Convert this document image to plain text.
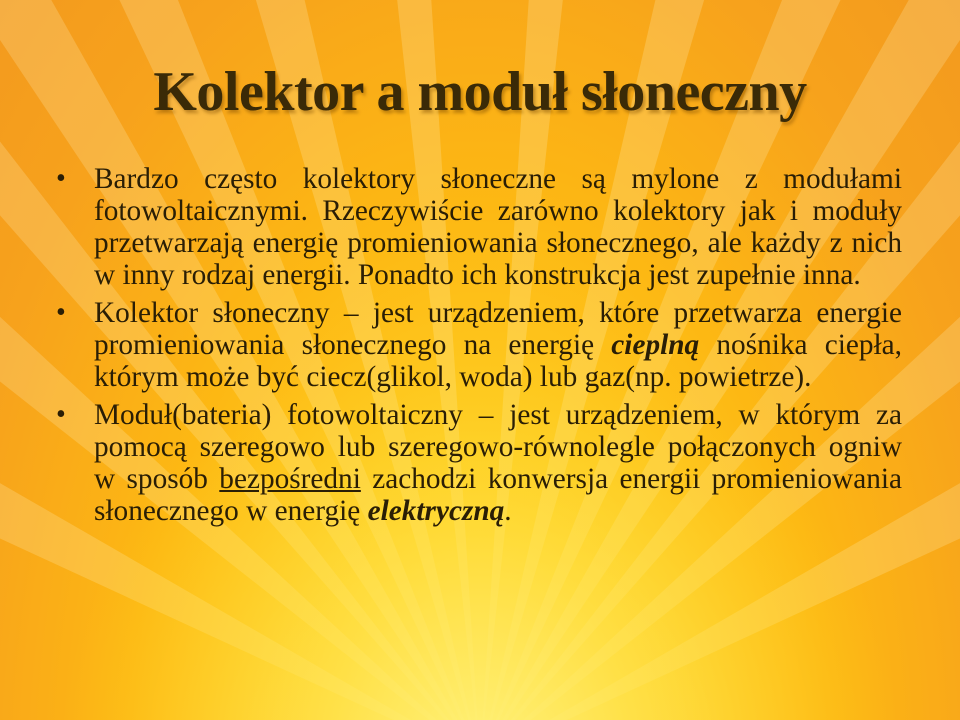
Kolektor a moduł słoneczny
• Bardzo często kolektory słoneczne są mylone z modułami fotowoltaicznymi. Rzeczywiście zarówno kolektory jak i moduły przetwarzają energię promieniowania słonecznego, ale każdy z nich w inny rodzaj energii. Ponadto ich konstrukcja jest zupełnie inna.
• Kolektor słoneczny – jest urządzeniem, które przetwarza energie promieniowania słonecznego na energię cieplną nośnika ciepła, którym może być ciecz(glikol, woda) lub gaz(np. powietrze).
• Moduł(bateria) fotowoltaiczny – jest urządzeniem, w którym za pomocą szeregowo lub szeregowo-równolegle połączonych ogniw w sposób bezpośredni zachodzi konwersja energii promieniowania słonecznego w energię elektryczną.
